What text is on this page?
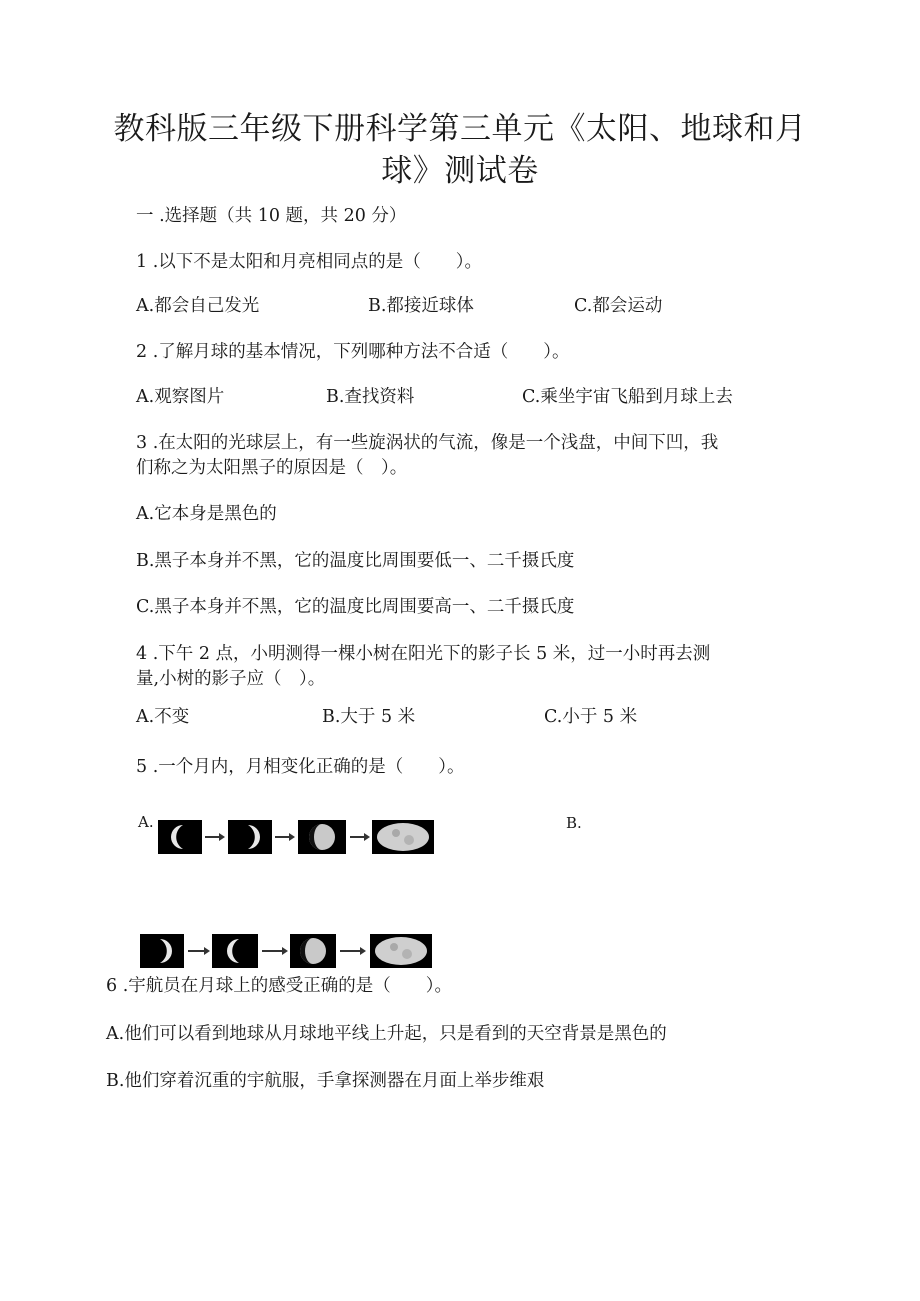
教科版三年级下册科学第三单元《太阳、地球和月
球》测试卷
一 .选择题（共 10 题，共 20 分）
1 .以下不是太阳和月亮相同点的是（　　）。
A.都会自己发光	B.都接近球体	C.都会运动
2 .了解月球的基本情况，下列哪种方法不合适（　　）。
A.观察图片	B.查找资料	C.乘坐宇宙飞船到月球上去
3 .在太阳的光球层上，有一些旋涡状的气流，像是一个浅盘，中间下凹，我
们称之为太阳黑子的原因是（　）。
A.它本身是黑色的
B.黑子本身并不黑，它的温度比周围要低一、二千摄氏度
C.黑子本身并不黑，它的温度比周围要高一、二千摄氏度
4 .下午 2 点，小明测得一棵小树在阳光下的影子长 5 米，过一小时再去测
量,小树的影子应（　）。
A.不变	B.大于 5 米	C.小于 5 米
5 .一个月内，月相变化正确的是（　　）。
A.	B.
6 .宇航员在月球上的感受正确的是（　　）。
A.他们可以看到地球从月球地平线上升起，只是看到的天空背景是黑色的
B.他们穿着沉重的宇航服，手拿探测器在月面上举步维艰
